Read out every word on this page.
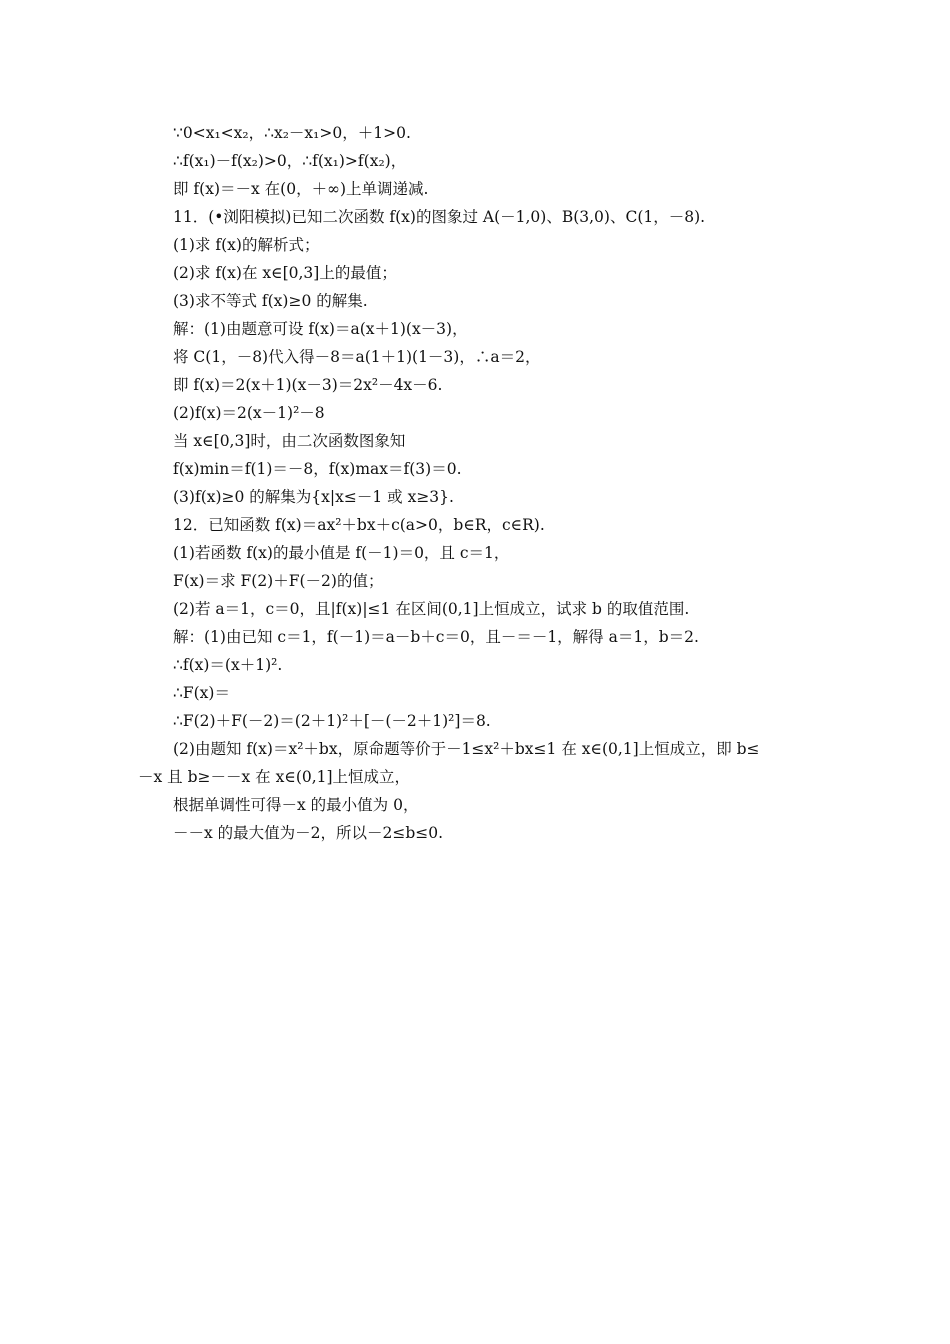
∵0<x₁<x₂，∴x₂－x₁>0，＋1>0.
∴f(x₁)－f(x₂)>0，∴f(x₁)>f(x₂)，
即 f(x)＝－x 在(0，＋∞)上单调递减.
11．(•浏阳模拟)已知二次函数 f(x)的图象过 A(－1,0)、B(3,0)、C(1，－8).
(1)求 f(x)的解析式；
(2)求 f(x)在 x∈[0,3]上的最值；
(3)求不等式 f(x)≥0 的解集.
解：(1)由题意可设 f(x)＝a(x＋1)(x－3)，
将 C(1，－8)代入得－8＝a(1＋1)(1－3)，∴a＝2，
即 f(x)＝2(x＋1)(x－3)＝2x²－4x－6.
(2)f(x)＝2(x－1)²－8
当 x∈[0,3]时，由二次函数图象知
f(x)min＝f(1)＝－8，f(x)max＝f(3)＝0.
(3)f(x)≥0 的解集为{x|x≤－1 或 x≥3}.
12．已知函数 f(x)＝ax²＋bx＋c(a>0，b∈R，c∈R).
(1)若函数 f(x)的最小值是 f(－1)＝0，且 c＝1，
F(x)＝求 F(2)＋F(－2)的值；
(2)若 a＝1，c＝0，且|f(x)|≤1 在区间(0,1]上恒成立，试求 b 的取值范围.
解：(1)由已知 c＝1，f(－1)＝a－b＋c＝0，且－＝－1，解得 a＝1，b＝2.
∴f(x)＝(x＋1)².
∴F(x)＝
∴F(2)＋F(－2)＝(2＋1)²＋[－(－2＋1)²]＝8.
(2)由题知 f(x)＝x²＋bx，原命题等价于－1≤x²＋bx≤1 在 x∈(0,1]上恒成立，即 b≤
－x 且 b≥－－x 在 x∈(0,1]上恒成立，
根据单调性可得－x 的最小值为 0，
－－x 的最大值为－2，所以－2≤b≤0.
